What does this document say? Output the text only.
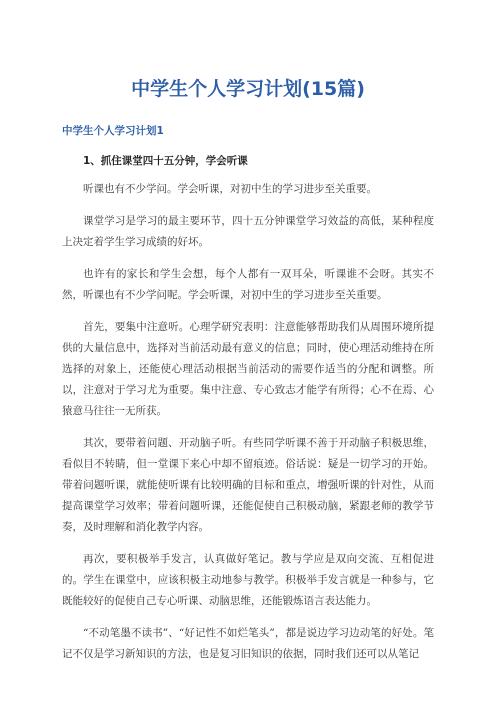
中学生个人学习计划(15篇)
中学生个人学习计划1
1、抓住课堂四十五分钟，学会听课

听课也有不少学问。学会听课，对初中生的学习进步至关重要。

课堂学习是学习的最主要环节，四十五分钟课堂学习效益的高低，某种程度上决定着学生学习成绩的好坏。

也许有的家长和学生会想，每个人都有一双耳朵，听课谁不会呀。其实不然，听课也有不少学问呢。学会听课，对初中生的学习进步至关重要。

首先，要集中注意听。心理学研究表明：注意能够帮助我们从周围环境所提供的大量信息中，选择对当前活动最有意义的信息；同时，使心理活动维持在所选择的对象上，还能使心理活动根据当前活动的需要作适当的分配和调整。所以，注意对于学习尤为重要。集中注意、专心致志才能学有所得；心不在焉、心猿意马往往一无所获。

其次，要带着问题、开动脑子听。有些同学听课不善于开动脑子积极思维，看似目不转睛，但一堂课下来心中却不留痕迹。俗话说：疑是一切学习的开始。带着问题听课，就能使听课有比较明确的目标和重点，增强听课的针对性，从而提高课堂学习效率；带着问题听课，还能促使自己积极动脑，紧跟老师的教学节奏，及时理解和消化教学内容。

再次，要积极举手发言，认真做好笔记。教与学应是双向交流、互相促进的。学生在课堂中，应该积极主动地参与教学。积极举手发言就是一种参与，它既能较好的促使自己专心听课、动脑思维，还能锻炼语言表达能力。

“不动笔墨不读书”、“好记性不如烂笔头”，都是说边学习边动笔的好处。笔记不仅是学习新知识的方法，也是复习旧知识的依据，同时我们还可以从笔记
